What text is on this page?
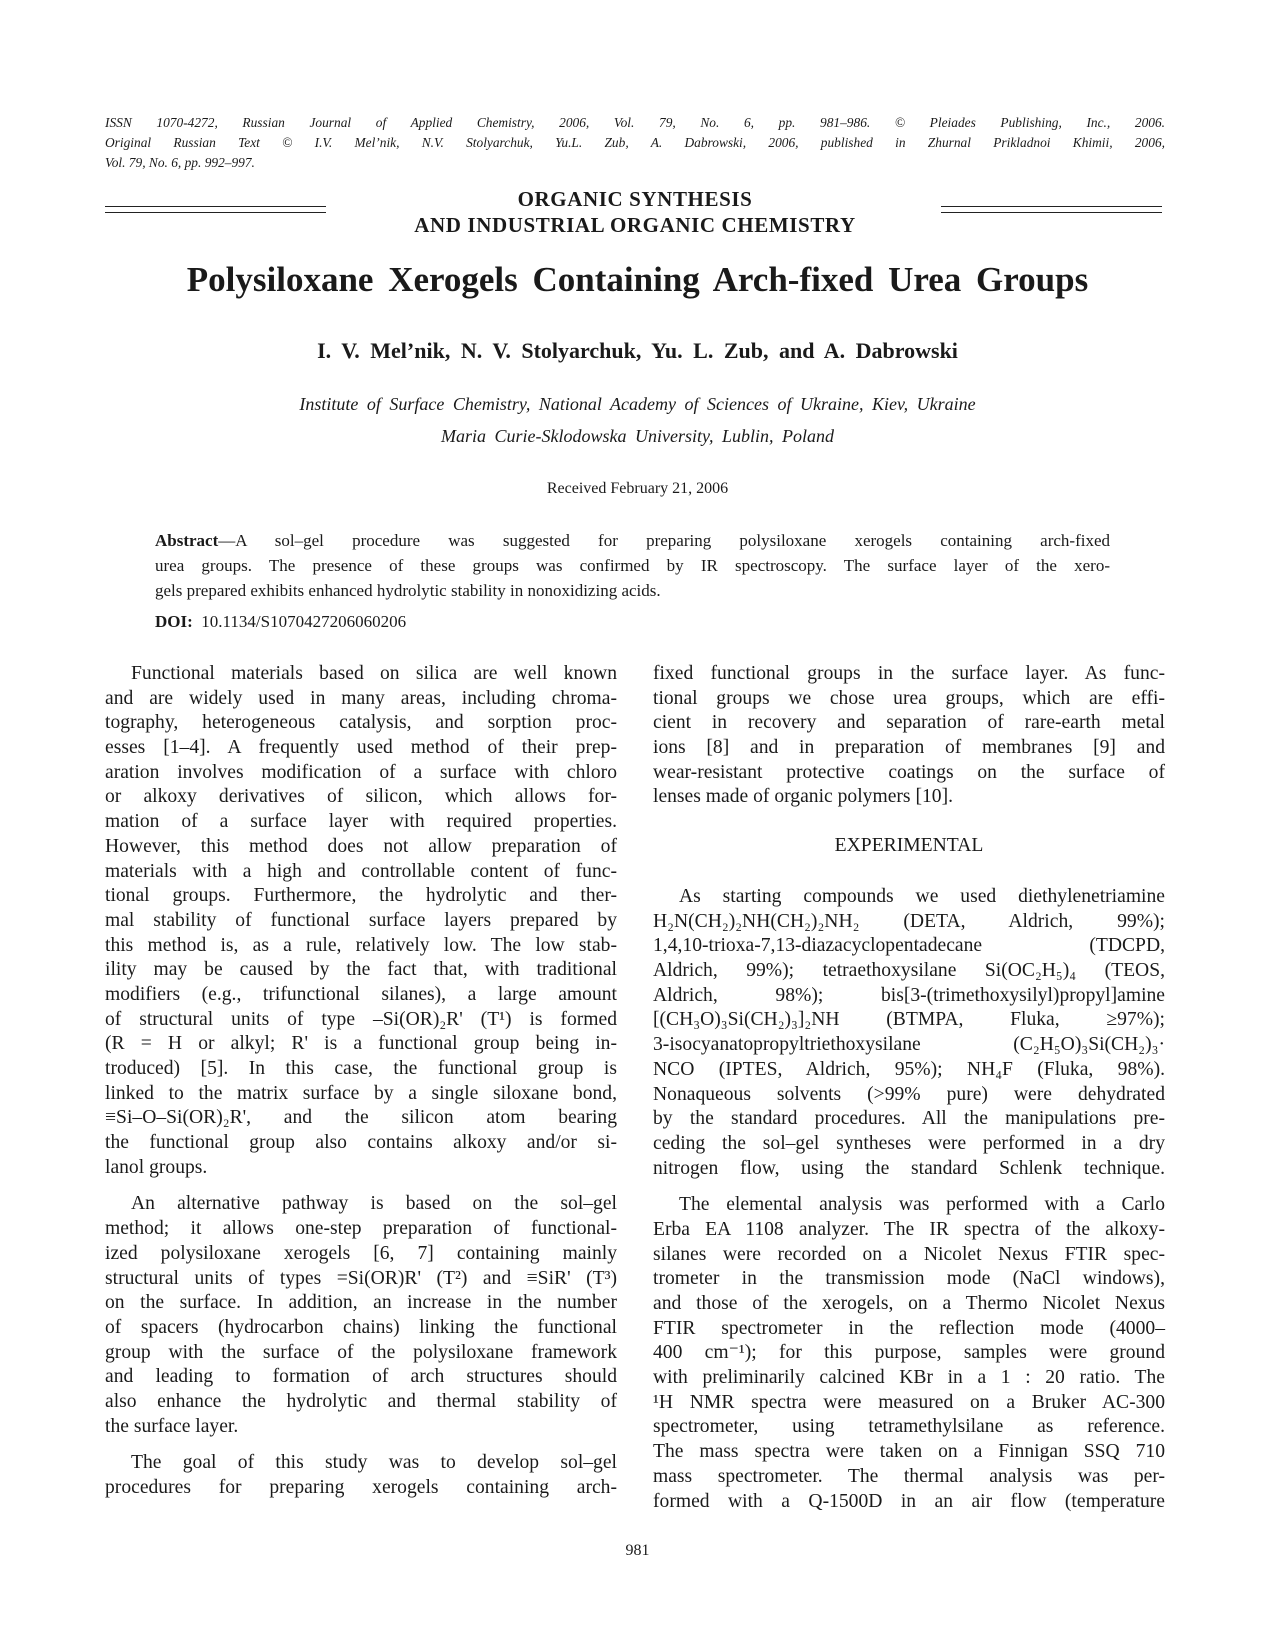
ISSN 1070-4272, Russian Journal of Applied Chemistry, 2006, Vol. 79, No. 6, pp. 981–986. © Pleiades Publishing, Inc., 2006.
Original Russian Text © I.V. Mel’nik, N.V. Stolyarchuk, Yu.L. Zub, A. Dabrowski, 2006, published in Zhurnal Prikladnoi Khimii, 2006,
Vol. 79, No. 6, pp. 992–997.
ORGANIC SYNTHESIS
AND INDUSTRIAL ORGANIC CHEMISTRY
Polysiloxane Xerogels Containing Arch-fixed Urea Groups
I. V. Mel’nik, N. V. Stolyarchuk, Yu. L. Zub, and A. Dabrowski
Institute of Surface Chemistry, National Academy of Sciences of Ukraine, Kiev, Ukraine
Maria Curie-Sklodowska University, Lublin, Poland
Received February 21, 2006
Abstract—A sol–gel procedure was suggested for preparing polysiloxane xerogels containing arch-fixed
urea groups. The presence of these groups was confirmed by IR spectroscopy. The surface layer of the xero-
gels prepared exhibits enhanced hydrolytic stability in nonoxidizing acids.
DOI: 10.1134/S1070427206060206
Functional materials based on silica are well known
and are widely used in many areas, including chroma-
tography, heterogeneous catalysis, and sorption proc-
esses [1–4]. A frequently used method of their prep-
aration involves modification of a surface with chloro
or alkoxy derivatives of silicon, which allows for-
mation of a surface layer with required properties.
However, this method does not allow preparation of
materials with a high and controllable content of func-
tional groups. Furthermore, the hydrolytic and ther-
mal stability of functional surface layers prepared by
this method is, as a rule, relatively low. The low stab-
ility may be caused by the fact that, with traditional
modifiers (e.g., trifunctional silanes), a large amount
of structural units of type –Si(OR)₂R' (T¹) is formed
(R = H or alkyl; R' is a functional group being in-
troduced) [5]. In this case, the functional group is
linked to the matrix surface by a single siloxane bond,
≡Si–O–Si(OR)₂R', and the silicon atom bearing
the functional group also contains alkoxy and/or si-
lanol groups.
An alternative pathway is based on the sol–gel
method; it allows one-step preparation of functional-
ized polysiloxane xerogels [6, 7] containing mainly
structural units of types =Si(OR)R' (T²) and ≡SiR' (T³)
on the surface. In addition, an increase in the number
of spacers (hydrocarbon chains) linking the functional
group with the surface of the polysiloxane framework
and leading to formation of arch structures should
also enhance the hydrolytic and thermal stability of
the surface layer.
The goal of this study was to develop sol–gel
procedures for preparing xerogels containing arch-
fixed functional groups in the surface layer. As func-
tional groups we chose urea groups, which are effi-
cient in recovery and separation of rare-earth metal
ions [8] and in preparation of membranes [9] and
wear-resistant protective coatings on the surface of
lenses made of organic polymers [10].
EXPERIMENTAL
As starting compounds we used diethylenetriamine
H₂N(CH₂)₂NH(CH₂)₂NH₂ (DETA, Aldrich, 99%);
1,4,10-trioxa-7,13-diazacyclopentadecane (TDCPD,
Aldrich, 99%); tetraethoxysilane Si(OC₂H₅)₄ (TEOS,
Aldrich, 98%); bis[3-(trimethoxysilyl)propyl]amine
[(CH₃O)₃Si(CH₂)₃]₂NH (BTMPA, Fluka, ≥97%);
3-isocyanatopropyltriethoxysilane (C₂H₅O)₃Si(CH₂)₃·
NCO (IPTES, Aldrich, 95%); NH₄F (Fluka, 98%).
Nonaqueous solvents (>99% pure) were dehydrated
by the standard procedures. All the manipulations pre-
ceding the sol–gel syntheses were performed in a dry
nitrogen flow, using the standard Schlenk technique.
The elemental analysis was performed with a Carlo
Erba EA 1108 analyzer. The IR spectra of the alkoxy-
silanes were recorded on a Nicolet Nexus FTIR spec-
trometer in the transmission mode (NaCl windows),
and those of the xerogels, on a Thermo Nicolet Nexus
FTIR spectrometer in the reflection mode (4000–
400 cm⁻¹); for this purpose, samples were ground
with preliminarily calcined KBr in a 1 : 20 ratio. The
¹H NMR spectra were measured on a Bruker AC-300
spectrometer, using tetramethylsilane as reference.
The mass spectra were taken on a Finnigan SSQ 710
mass spectrometer. The thermal analysis was per-
formed with a Q-1500D in an air flow (temperature
981
